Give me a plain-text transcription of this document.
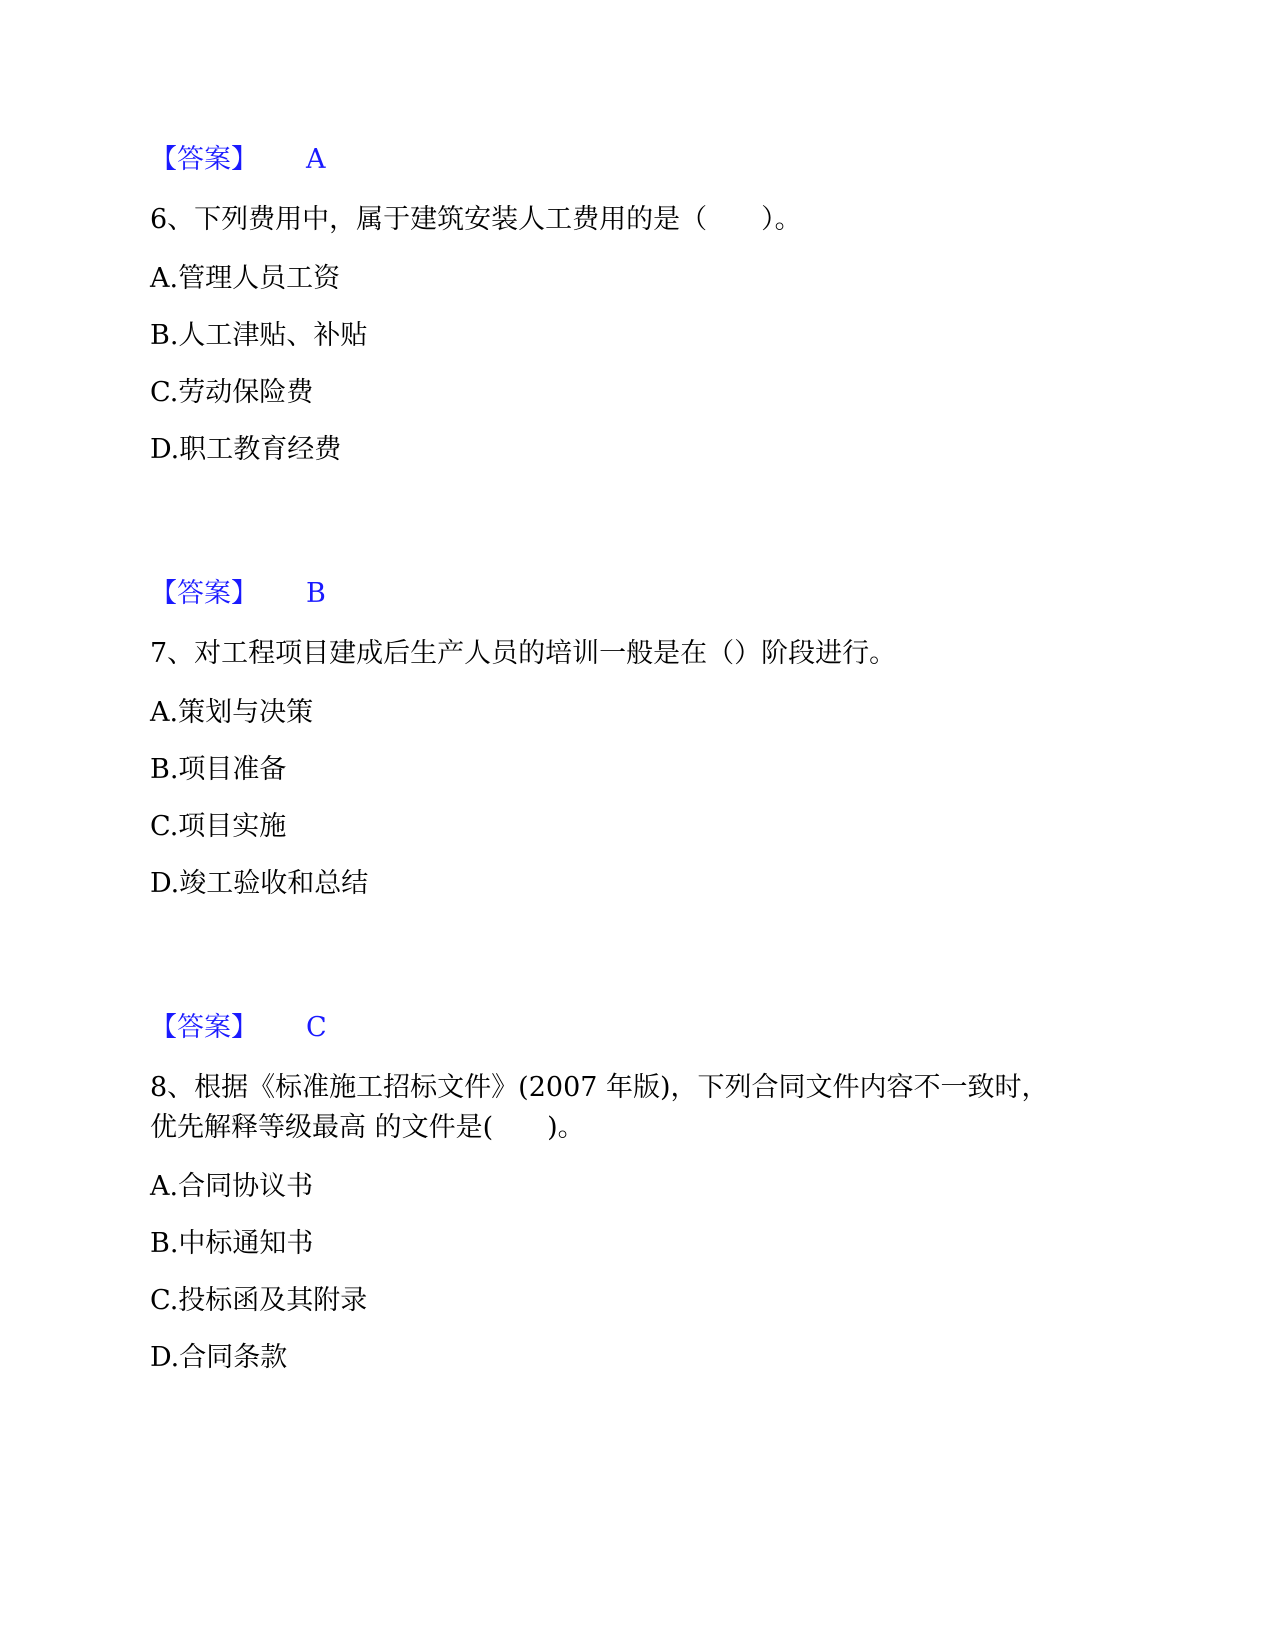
【答案】 A
6、下列费用中，属于建筑安装人工费用的是（　　）。
A.管理人员工资
B.人工津贴、补贴
C.劳动保险费
D.职工教育经费
【答案】 B
7、对工程项目建成后生产人员的培训一般是在（）阶段进行。
A.策划与决策
B.项目准备
C.项目实施
D.竣工验收和总结
【答案】 C
8、根据《标准施工招标文件》(2007 年版)，下列合同文件内容不一致时，
优先解释等级最高 的文件是(　　)。
A.合同协议书
B.中标通知书
C.投标函及其附录
D.合同条款
